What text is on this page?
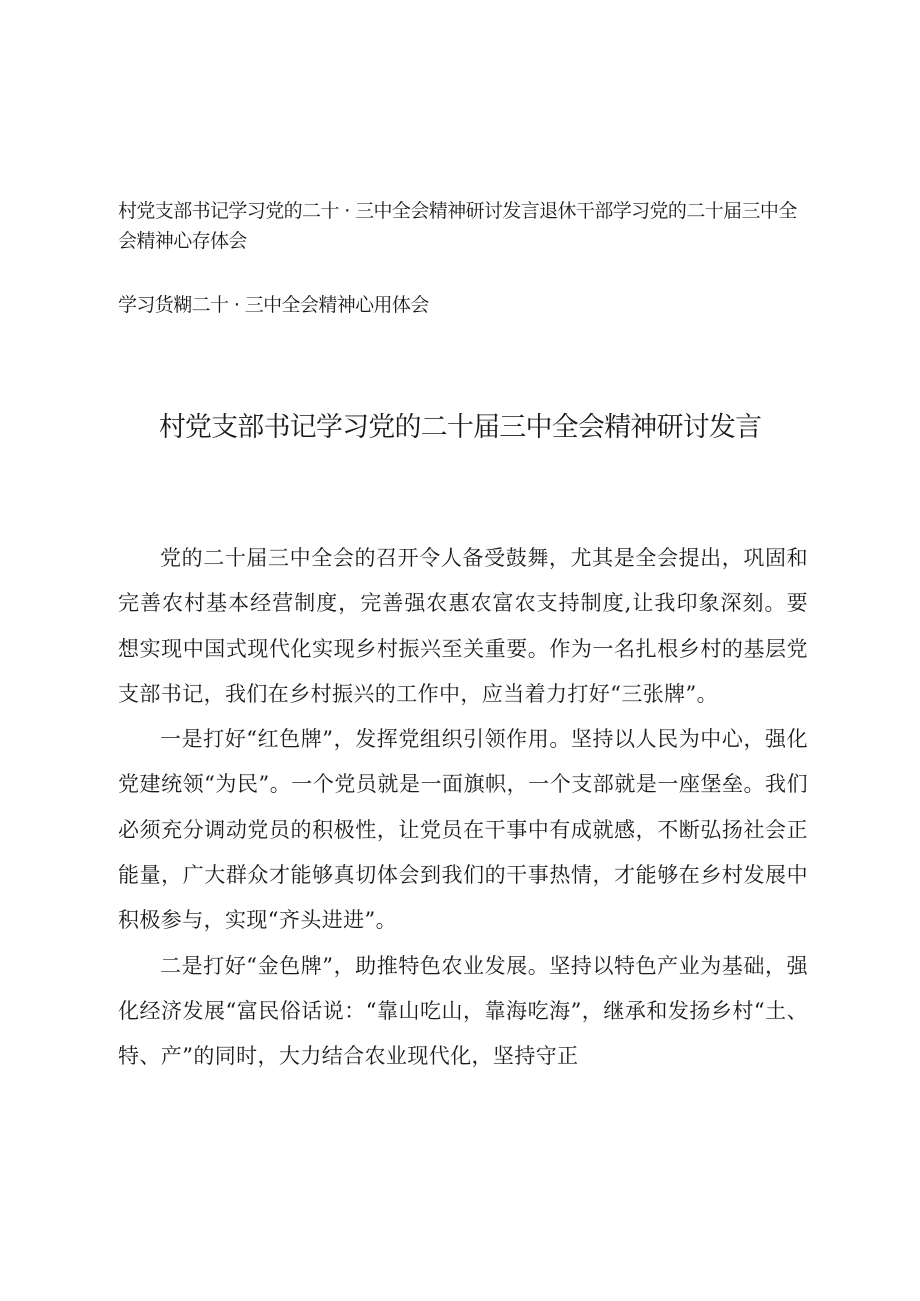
村党支部书记学习党的二十 · 三中全会精神研讨发言退休干部学习党的二十届三中全
会精神心存体会
学习货糊二十 · 三中全会精神心用体会
村党支部书记学习党的二十届三中全会精神研讨发言

党的二十届三中全会的召开令人备受鼓舞，尤其是全会提出，巩固和完善农村基本经营制度，完善强农惠农富农支持制度,让我印象深刻。要想实现中国式现代化实现乡村振兴至关重要。作为一名扎根乡村的基层党支部书记，我们在乡村振兴的工作中，应当着力打好“三张牌”。

一是打好“红色牌”，发挥党组织引领作用。坚持以人民为中心，强化党建统领“为民”。一个党员就是一面旗帜，一个支部就是一座堡垒。我们必须充分调动党员的积极性，让党员在干事中有成就感，不断弘扬社会正能量，广大群众才能够真切体会到我们的干事热情，才能够在乡村发展中积极参与，实现“齐头进进”。

二是打好“金色牌”，助推特色农业发展。坚持以特色产业为基础，强化经济发展“富民俗话说：“靠山吃山，靠海吃海”，继承和发扬乡村“土、特、产”的同时，大力结合农业现代化，坚持守正
